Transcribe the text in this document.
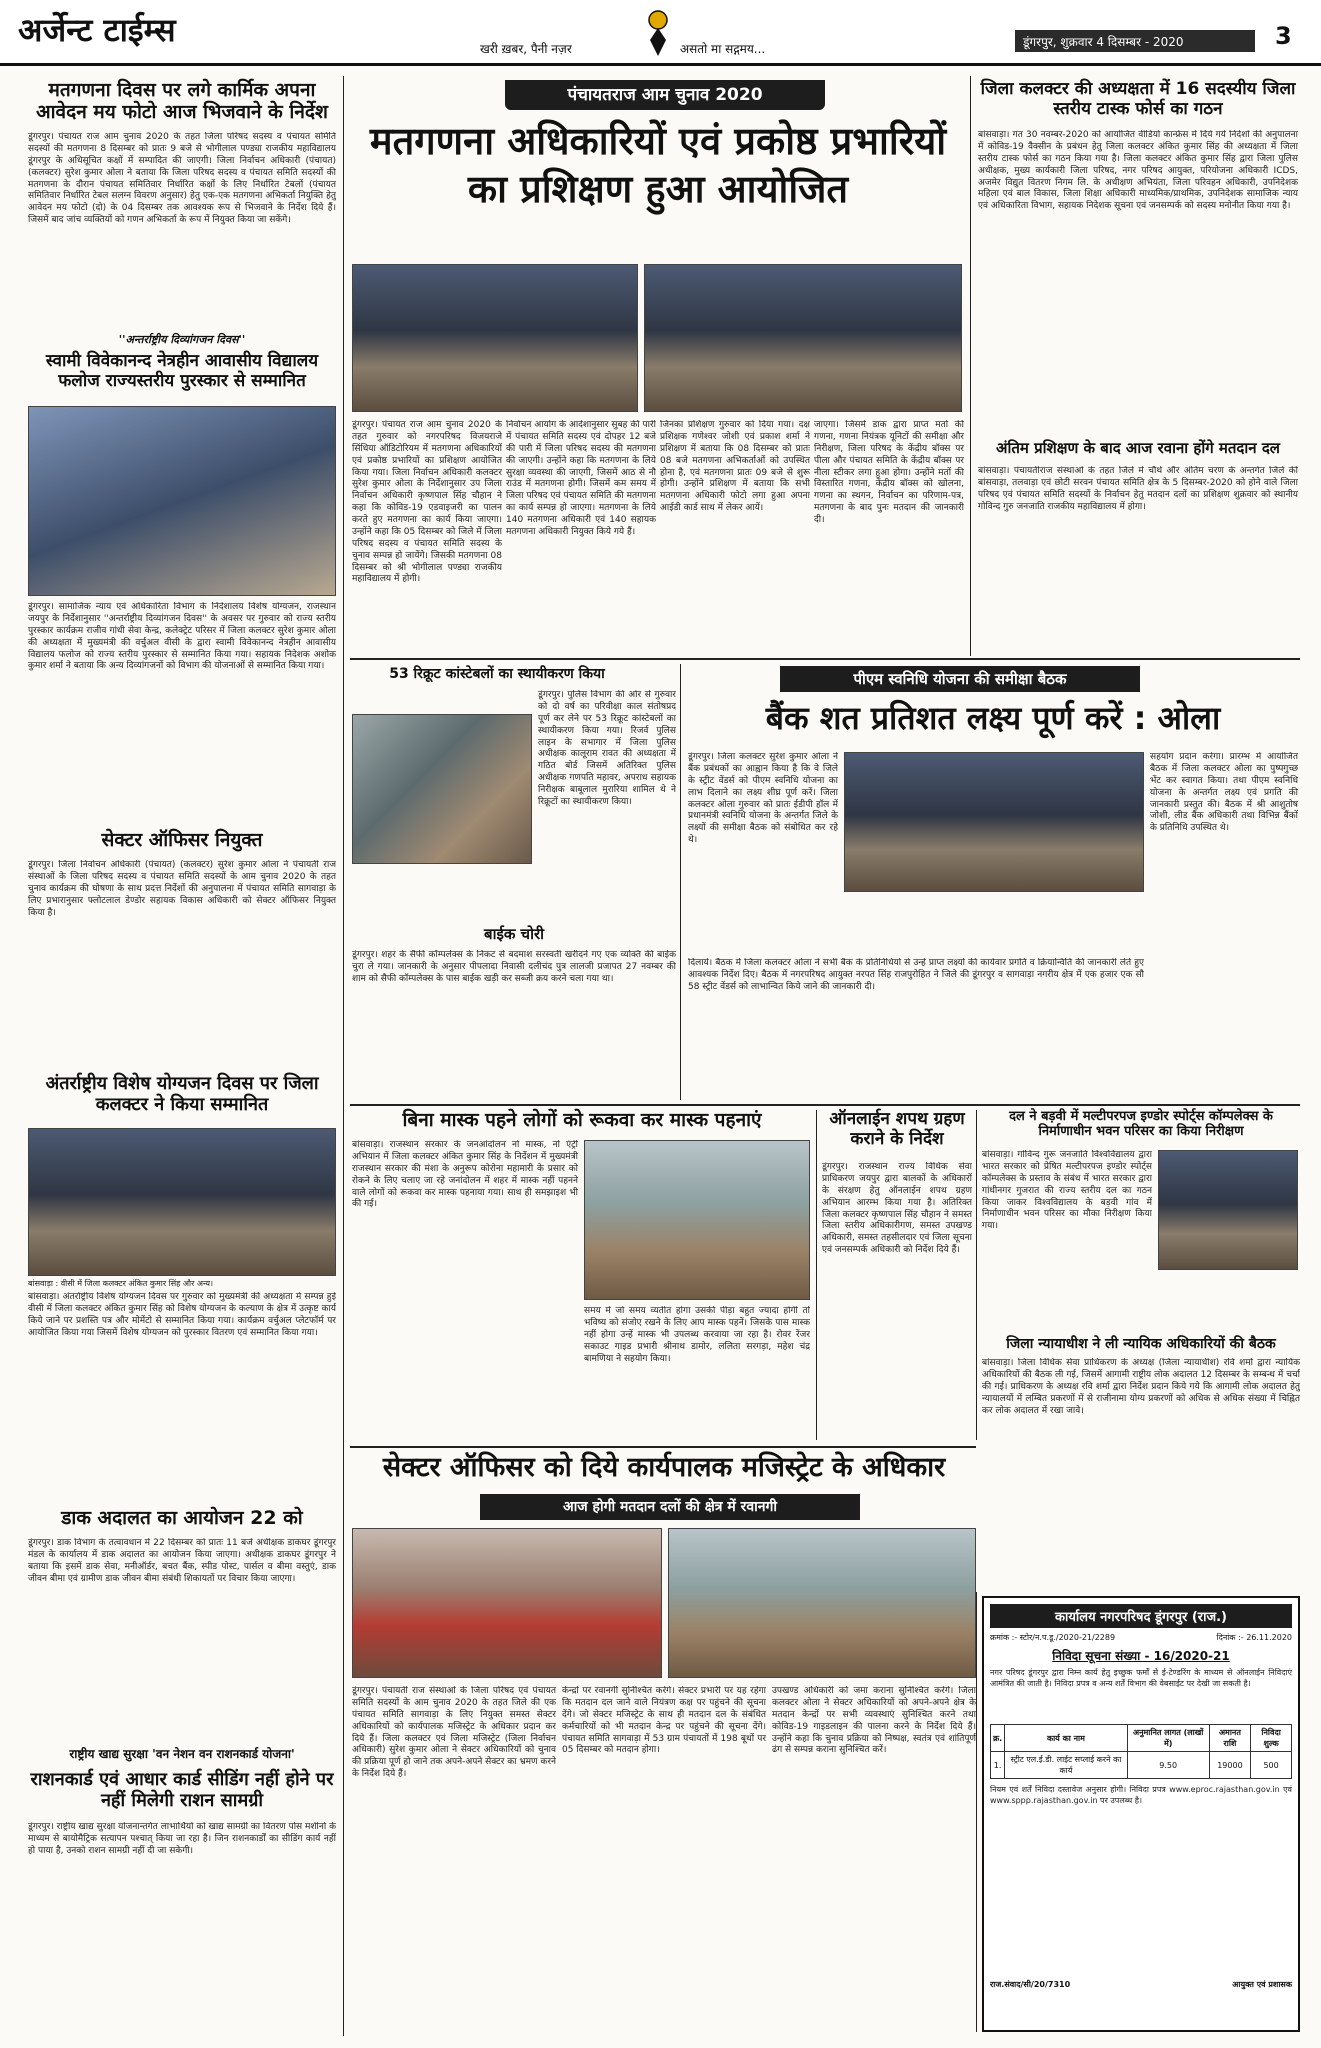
अर्जेन्ट टाईम्स	खरी ख़बर, पैनी नज़र	असतो मा सद्गमय...	डूंगरपुर, शुक्रवार 4 दिसम्बर - 2020	3
मतगणना दिवस पर लगे कार्मिक अपना आवेदन मय फोटो आज भिजवाने के निर्देश
डूंगरपुर। पंचायत राज आम चुनाव 2020 के तहत जिला परिषद सदस्य व पंचायत समिति सदस्यों की मतगणना 8 दिसम्बर को प्रातः 9 बजे से भोगीलाल पण्ड्या राजकीय महाविद्यालय डूंगरपुर के अधिसूचित कक्षों में सम्पादित की जाएगी। जिला निर्वाचन अधिकारी (पंचायत) (कलक्टर) सुरेश कुमार ओला ने बताया कि जिला परिषद सदस्य व पंचायत समिति सदस्यों की मतगणना के दौरान पंचायत समितिवार निर्धारित कक्षों के लिए निर्धारित टेबलों (पंचायत समितिवार निर्धारित टेबल सलग्न विवरण अनुसार) हेतु एक-एक मतगणना अभिकर्ता नियुक्ति हेतु आवेदन मय फोटो (दो) के 04 दिसम्बर तक आवश्यक रूप से भिजवाने के निर्देश दिये हैं। जिसमें बाद जांच व्यक्तियों को गणन अभिकर्ता के रूप में नियुक्त किया जा सकेंगे।
''अन्तर्राष्ट्रीय दिव्यांगजन दिवस''
स्वामी विवेकानन्द नेत्रहीन आवासीय विद्यालय फलोज राज्यस्तरीय पुरस्कार से सम्मानित
डूंगरपुर। सामाजिक न्याय एवं अधिकारिता विभाग के निदेशालय विशेष योग्यजन, राजस्थान जयपुर के निर्देशानुसार ''अन्तर्राष्ट्रीय दिव्यांगजन दिवस'' के अवसर पर गुरुवार को राज्य स्तरीय पुरस्कार कार्यक्रम राजीव गांधी सेवा केन्द्र, कलेक्ट्रेट परिसर में जिला कलक्टर सुरेश कुमार ओला की अध्यक्षता में मुख्यमंत्री की वर्चुअल वीसी के द्वारा स्वामी विवेकानन्द नेत्रहीन आवासीय विद्यालय फलोज को राज्य स्तरीय पुरस्कार से सम्मानित किया गया। सहायक निदेशक अशोक कुमार शर्मा ने बताया कि अन्य दिव्यांगजनों को विभाग की योजनाओं से सम्मानित किया गया।
सेक्टर ऑफिसर नियुक्त
डूंगरपुर। जिला निर्वाचन अधिकारी (पंचायत) (कलक्टर) सुरेश कुमार ओला ने पंचायती राज संस्थाओं के जिला परिषद सदस्य व पंचायत समिति सदस्यों के आम चुनाव 2020 के तहत चुनाव कार्यक्रम की घोषणा के साथ प्रदत्त निर्देशों की अनुपालना में पंचायत समिति सागवाड़ा के लिए प्रभारानुसार फ्लोटलाल डेण्डोर सहायक विकास अधिकारी को सेक्टर ऑफिसर नियुक्त किया है।
अंतर्राष्ट्रीय विशेष योग्यजन दिवस पर जिला कलक्टर ने किया सम्मानित
बांसवाड़ा : वीसी में जिला कलक्टर अंकित कुमार सिंह और अन्य।
बांसवाड़ा। अंतर्राष्ट्रीय विशेष योग्यजन दिवस पर गुरुवार को मुख्यमंत्री की अध्यक्षता में सम्पन्न हुई वीसी में जिला कलक्टर अंकित कुमार सिंह को विशेष योग्यजन के कल्याण के क्षेत्र में उत्कृष्ट कार्य किये जाने पर प्रशस्ति पत्र और मोमेंटो से सम्मानित किया गया। कार्यक्रम वर्चुअल प्लेटफॉर्म पर आयोजित किया गया जिसमें विशेष योग्यजन को पुरस्कार वितरण एवं सम्मानित किया गया।
डाक अदालत का आयोजन 22 को
डूंगरपुर। डाक विभाग के तत्वावधान में 22 दिसम्बर को प्रातः 11 बजे अधीक्षक डाकघर डूंगरपुर मंडल के कार्यालय में डाक अदालत का आयोजन किया जाएगा। अधीक्षक डाकघर डूंगरपुर ने बताया कि इसमें डाक सेवा, मनीऑर्डर, बचत बैंक, स्पीड पोस्ट, पार्सल व बीमा वस्तुएं, डाक जीवन बीमा एवं ग्रामीण डाक जीवन बीमा संबंधी शिकायतों पर विचार किया जाएगा।
राष्ट्रीय खाद्य सुरक्षा 'वन नेशन वन राशनकार्ड योजना'
राशनकार्ड एवं आधार कार्ड सीडिंग नहीं होने पर नहीं मिलेगी राशन सामग्री
डूंगरपुर। राष्ट्रीय खाद्य सुरक्षा योजनान्तर्गत लाभार्थियों को खाद्य सामग्री का वितरण पोस मशीनों के माध्यम से बायोमैट्रिक सत्यापन पश्चात् किया जा रहा है। जिन राशनकार्डों का सीडिंग कार्य नहीं हो पाया है, उनको राशन सामग्री नहीं दी जा सकेगी।
पंचायतराज आम चुनाव 2020
मतगणना अधिकारियों एवं प्रकोष्ठ प्रभारियों का प्रशिक्षण हुआ आयोजित
डूंगरपुर। पंचायत राज आम चुनाव 2020 के तहत गुरुवार को नगरपरिषद विजयराजे सिंधिया ऑडिटोरियम में मतगणना अधिकारियों एवं प्रकोष्ठ प्रभारियों का प्रशिक्षण आयोजित किया गया। जिला निर्वाचन अधिकारी कलक्टर सुरेश कुमार ओला के निर्देशानुसार उप जिला निर्वाचन अधिकारी कृष्णपाल सिंह चौहान ने कहा कि कोविड-19 एडवाइजरी का पालन करते हुए मतगणना का कार्य किया जाएगा। उन्होंने कहा कि 05 दिसम्बर को जिले में जिला परिषद सदस्य व पंचायत समिति सदस्य के चुनाव सम्पन्न हो जायेंगे। जिसकी मतगणना 08 दिसम्बर को श्री भोगीलाल पण्ड्या राजकीय महाविद्यालय में होगी।
निर्वाचन आयोग के आदेशानुसार सुबह की पारी में पंचायत समिति सदस्य एवं दोपहर 12 बजे की पारी में जिला परिषद सदस्य की मतगणना की जाएगी। उन्होंने कहा कि मतगणना के लिये सुरक्षा व्यवस्था की जाएगी, जिसमें आठ से नौ राउंड में मतगणना होगी। जिसमें कम समय में जिला परिषद एवं पंचायत समिति की मतगणना का कार्य सम्पन्न हो जाएगा। मतगणना के लिये 140 मतगणना अधिकारी एवं 140 सहायक मतगणना अधिकारी नियुक्त किये गये हैं।
जिनका प्रशिक्षण गुरुवार को दिया गया। दक्ष प्रशिक्षक गणेश्वर जोशी एवं प्रकाश शर्मा ने प्रशिक्षण में बताया कि 08 दिसम्बर को प्रातः 08 बजे मतगणना अभिकर्ताओं को उपस्थित होना है, एवं मतगणना प्रातः 09 बजे से शुरू होगी। उन्होंने प्रशिक्षण में बताया कि सभी मतगणना अधिकारी फोटो लगा हुआ अपना आईडी कार्ड साथ में लेकर आयें।
जाएगा। जिसमें डाक द्वारा प्राप्त मतों की गणना, गणना नियंत्रक यूनिटों की समीक्षा और निरीक्षण, जिला परिषद के केंद्रीय बॉक्स पर पीला और पंचायत समिति के केंद्रीय बॉक्स पर नीला स्टीकर लगा हुआ होगा। उन्होंने मतों की विस्तारित गणना, केंद्रीय बॉक्स को खोलना, गणना का स्थगन, निर्वाचन का परिणाम-पत्र, मतगणना के बाद पुनः मतदान की जानकारी दी।
जिला कलक्टर की अध्यक्षता में 16 सदस्यीय जिला स्तरीय टास्क फोर्स का गठन
बांसवाड़ा। गत 30 नवम्बर-2020 को आयोजित वीडियो कान्फ्रेंस में दिये गये निर्देशों की अनुपालना में कोविड-19 वैक्सीन के प्रबंधन हेतु जिला कलक्टर अंकित कुमार सिंह की अध्यक्षता में जिला स्तरीय टास्क फोर्स का गठन किया गया है। जिला कलक्टर अंकित कुमार सिंह द्वारा जिला पुलिस अधीक्षक, मुख्य कार्यकारी जिला परिषद, नगर परिषद आयुक्त, परियोजना अधिकारी ICDS, अजमेर विद्युत वितरण निगम लि. के अधीक्षण अभियंता, जिला परिवहन अधिकारी, उपनिदेशक महिला एवं बाल विकास, जिला शिक्षा अधिकारी माध्यमिक/प्राथमिक, उपनिदेशक सामाजिक न्याय एवं अधिकारिता विभाग, सहायक निदेशक सूचना एवं जनसम्पर्क को सदस्य मनोनीत किया गया है।
अंतिम प्रशिक्षण के बाद आज रवाना होंगे मतदान दल
बांसवाड़ा। पंचायतीराज संस्थाओं के तहत जिले में चौथे और अंतिम चरण के अन्तर्गत जिले की बांसवाड़ा, तलवाड़ा एवं छोटी सरवन पंचायत समिति क्षेत्र के 5 दिसम्बर-2020 को होने वाले जिला परिषद एवं पंचायत समिति सदस्यों के निर्वाचन हेतु मतदान दलों का प्रशिक्षण शुक्रवार को स्थानीय गोविन्द गुरु जनजाति राजकीय महाविद्यालय में होगा।
53 रिक्रूट कांस्टेबलों का स्थायीकरण किया
डूंगरपुर। पुलिस विभाग की ओर से गुरुवार को दो वर्ष का परिवीक्षा काल संतोषप्रद पूर्ण कर लेने पर 53 रिक्रूट कांस्टेबलों का स्थायीकरण किया गया। रिजर्व पुलिस लाइन के सभागार में जिला पुलिस अधीक्षक कालूराम रावत की अध्यक्षता में गठित बोर्ड जिसमें अतिरिक्त पुलिस अधीक्षक गणपति महावर, अपराध सहायक निरीक्षक बाबूलाल मुरारिया शामिल थे ने रिक्रूटों का स्थायीकरण किया।
बाईक चोरी
डूंगरपुर। शहर के सैफी कॉम्पलेक्स के निकट से बदमाश सरस्वती खरीदने गए एक व्यक्ति की बाईक चुरा ले गया। जानकारी के अनुसार पीपलादा निवासी दलीचंद पुत्र लालजी प्रजापत 27 नवम्बर की शाम को सैफी कॉम्पलेक्स के पास बाईक खड़ी कर सब्जी क्रय करने चला गया था।
पीएम स्वनिधि योजना की समीक्षा बैठक
बैंक शत प्रतिशत लक्ष्य पूर्ण करें : ओला
डूंगरपुर। जिला कलक्टर सुरेश कुमार ओला ने बैंक प्रबंधकों का आह्वान किया है कि वे जिले के स्ट्रीट वेंडर्स को पीएम स्वनिधि योजना का लाभ दिलाने का लक्ष्य शीघ्र पूर्ण करें। जिला कलक्टर ओला गुरुवार को प्रातः ईडीपी हॉल में प्रधानमंत्री स्वनिधि योजना के अन्तर्गत जिले के लक्ष्यों की समीक्षा बैठक को संबोधित कर रहे थे।
सहयोग प्रदान करेगा। प्रारम्भ में आयोजित बैठक में जिला कलक्टर ओला का पुष्पगुच्छ भेंट कर स्वागत किया। तथा पीएम स्वनिधि योजना के अन्तर्गत लक्ष्य एवं प्रगति की जानकारी प्रस्तुत की। बैठक में श्री आशुतोष जोशी, लीड बैंक अधिकारी तथा विभिन्न बैंकों के प्रतिनिधि उपस्थित थे।
दिलायें। बैठक में जिला कलक्टर ओला ने सभी बैंक के प्रतिनिधियों से उन्हें प्राप्त लक्ष्यों की कार्यवार प्रगति व क्रियान्विति की जानकारी लेते हुए आवश्यक निर्देश दिए। बैठक में नगरपरिषद आयुक्त नरपत सिंह राजपुरोहित ने जिले की डूंगरपुर व सागवाड़ा नगरीय क्षेत्र में एक हजार एक सौ 58 स्ट्रीट वेंडर्स को लाभान्वित किये जाने की जानकारी दी।
बिना मास्क पहने लोगों को रूकवा कर मास्क पहनाएं
बांसवाड़ा। राजस्थान सरकार के जनआंदोलन नो मास्क, नो एंट्री अभियान में जिला कलक्टर अंकित कुमार सिंह के निर्देशन में मुख्यमंत्री राजस्थान सरकार की मंशा के अनुरूप कोरोना महामारी के प्रसार को रोकने के लिए चलाए जा रहे जनांदोलन में शहर में मास्क नहीं पहनने वाले लोगों को रूकवा कर मास्क पहनाया गया। साथ ही समझाइश भी की गई।
समय में जो समय व्यतीत होगा उसकी पीड़ा बहुत ज्यादा होगी तो भविष्य को संजोए रखने के लिए आप मास्क पहनें। जिसके पास मास्क नहीं होगा उन्हें मास्क भी उपलब्ध करवाया जा रहा है। रोवर रेंजर सकाउट गाइड प्रभारी श्रीनाथ डामोर, ललिता सरगड़ा, महेश चंद्र बामणिया ने सहयोग किया।
ऑनलाईन शपथ ग्रहण कराने के निर्देश
डूंगरपुर। राजस्थान राज्य विधिक सेवा प्राधिकरण जयपुर द्वारा बालकों के अधिकारों के संरक्षण हेतु ऑनलाईन शपथ ग्रहण अभियान आरम्भ किया गया है। अतिरिक्त जिला कलक्टर कृष्णपाल सिंह चौहान ने समस्त जिला स्तरीय अधिकारीगण, समस्त उपखण्ड अधिकारी, समस्त तहसीलदार एवं जिला सूचना एवं जनसम्पर्क अधिकारी को निर्देश दिये हैं।
दल ने बड़वी में मल्टीपरपज इण्डोर स्पोर्ट्स कॉम्पलेक्स के निर्माणाधीन भवन परिसर का किया निरीक्षण
बांसवाड़ा। गोविन्द गुरू जनजाति विश्वविद्यालय द्वारा भारत सरकार को प्रेषित मल्टीपरपज इण्डोर स्पोर्ट्स कॉम्पलेक्स के प्रस्ताव के संबंध में भारत सरकार द्वारा गांधीनगर गुजरात की राज्य स्तरीय दल का गठन किया जाकर विश्वविद्यालय के बड़वी गांव में निर्माणाधीन भवन परिसर का मौका निरीक्षण किया गया।
जिला न्यायाधीश ने ली न्यायिक अधिकारियों की बैठक
बांसवाड़ा। जिला विधिक सेवा प्राधिकरण के अध्यक्ष (जिला न्यायाधीश) रवि शर्मा द्वारा न्यायिक अधिकारियों की बैठक ली गई, जिसमें आगामी राष्ट्रीय लोक अदालत 12 दिसम्बर के सम्बन्ध में चर्चा की गई। प्राधिकरण के अध्यक्ष रवि शर्मा द्वारा निर्देश प्रदान किये गये कि आगामी लोक अदालत हेतु न्यायालयों में लम्बित प्रकरणों में से राजीनामा योग्य प्रकरणों को अधिक से अधिक संख्या में चिह्नित कर लोक अदालत में रखा जावे।
सेक्टर ऑफिसर को दिये कार्यपालक मजिस्ट्रेट के अधिकार
आज होगी मतदान दलों की क्षेत्र में रवानगी
डूंगरपुर। पंचायती राज संस्थाओं के जिला परिषद एवं पंचायत समिति सदस्यों के आम चुनाव 2020 के तहत जिले की एक पंचायत समिति सागवाड़ा के लिए नियुक्त समस्त सेक्टर अधिकारियों को कार्यपालक मजिस्ट्रेट के अधिकार प्रदान कर दिये हैं। जिला कलक्टर एवं जिला मजिस्ट्रेट (जिला निर्वाचन अधिकारी) सुरेश कुमार ओला ने सेक्टर अधिकारियों को चुनाव की प्रक्रिया पूर्ण हो जाने तक अपने-अपने सेक्टर का भ्रमण करने के निर्देश दिये हैं।
केन्द्रों पर रवानगी सुनिश्चित करेंगे। सेक्टर प्रभारी पर यह रहेगा कि मतदान दल जाने वाले नियंत्रण कक्ष पर पहुंचने की सूचना देंगे। जो सेक्टर मजिस्ट्रेट के साथ ही मतदान दल के संबंधित कर्मचारियों को भी मतदान केन्द्र पर पहुंचने की सूचना देंगे। पंचायत समिति सागवाड़ा में 53 ग्राम पंचायतों में 198 बूथों पर 05 दिसम्बर को मतदान होगा।
उपखण्ड अधिकारी को जमा कराना सुनिश्चित करेंगे। जिला कलक्टर ओला ने सेक्टर अधिकारियों को अपने-अपने क्षेत्र के मतदान केन्द्रों पर सभी व्यवस्थाएं सुनिश्चित करने तथा कोविड-19 गाइडलाइन की पालना करने के निर्देश दिये हैं। उन्होंने कहा कि चुनाव प्रक्रिया को निष्पक्ष, स्वतंत्र एवं शांतिपूर्ण ढंग से सम्पन्न कराना सुनिश्चित करें।
कार्यालय नगरपरिषद डूंगरपुर (राज.)
क्रमांक :- स्टोर/न.प.डू./2020-21/2289	दिनांक :- 26.11.2020
निविदा सूचना संख्या - 16/2020-21
नगर परिषद डूंगरपुर द्वारा निम्न कार्य हेतु इच्छुक फर्मों से ई-टेण्डरिंग के माध्यम से ऑनलाईन निविदाएं आमंत्रित की जाती है। निविदा प्रपत्र व अन्य शर्तें विभाग की वेबसाईट पर देखी जा सकती है।
क्र.	कार्य का नाम	अनुमानित लागत (लाखों में)	अमानत राशि	निविदा शुल्क
1.	स्ट्रीट एल.ई.डी. लाईट सप्लाई करने का कार्य	9.50	19000	500
नियम एवं शर्तें निविदा दस्तावेज अनुसार होगी। निविदा प्रपत्र www.eproc.rajasthan.gov.in एवं www.sppp.rajasthan.gov.in पर उपलब्ध है।
राज.संवाद/सी/20/7310	आयुक्त एवं प्रशासक
